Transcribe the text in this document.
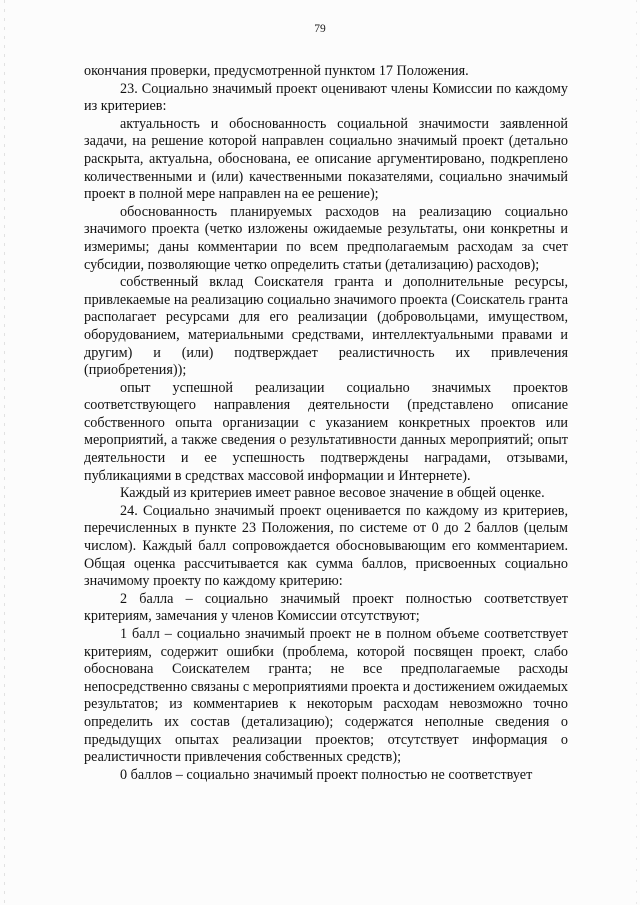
79

окончания проверки, предусмотренной пунктом 17 Положения.

23. Социально значимый проект оценивают члены Комиссии по каждому из критериев:

актуальность и обоснованность социальной значимости заявленной задачи, на решение которой направлен социально значимый проект (детально раскрыта, актуальна, обоснована, ее описание аргументировано, подкреплено количественными и (или) качественными показателями, социально значимый проект в полной мере направлен на ее решение);

обоснованность планируемых расходов на реализацию социально значимого проекта (четко изложены ожидаемые результаты, они конкретны и измеримы; даны комментарии по всем предполагаемым расходам за счет субсидии, позволяющие четко определить статьи (детализацию) расходов);

собственный вклад Соискателя гранта и дополнительные ресурсы, привлекаемые на реализацию социально значимого проекта (Соискатель гранта располагает ресурсами для его реализации (добровольцами, имуществом, оборудованием, материальными средствами, интеллектуальными правами и другим) и (или) подтверждает реалистичность их привлечения (приобретения));

опыт успешной реализации социально значимых проектов соответствующего направления деятельности (представлено описание собственного опыта организации с указанием конкретных проектов или мероприятий, а также сведения о результативности данных мероприятий; опыт деятельности и ее успешность подтверждены наградами, отзывами, публикациями в средствах массовой информации и Интернете).

Каждый из критериев имеет равное весовое значение в общей оценке.

24. Социально значимый проект оценивается по каждому из критериев, перечисленных в пункте 23 Положения, по системе от 0 до 2 баллов (целым числом). Каждый балл сопровождается обосновывающим его комментарием. Общая оценка рассчитывается как сумма баллов, присвоенных социально значимому проекту по каждому критерию:

2 балла – социально значимый проект полностью соответствует критериям, замечания у членов Комиссии отсутствуют;

1 балл – социально значимый проект не в полном объеме соответствует критериям, содержит ошибки (проблема, которой посвящен проект, слабо обоснована Соискателем гранта; не все предполагаемые расходы непосредственно связаны с мероприятиями проекта и достижением ожидаемых результатов; из комментариев к некоторым расходам невозможно точно определить их состав (детализацию); содержатся неполные сведения о предыдущих опытах реализации проектов; отсутствует информация о реалистичности привлечения собственных средств);

0 баллов – социально значимый проект полностью не соответствует
